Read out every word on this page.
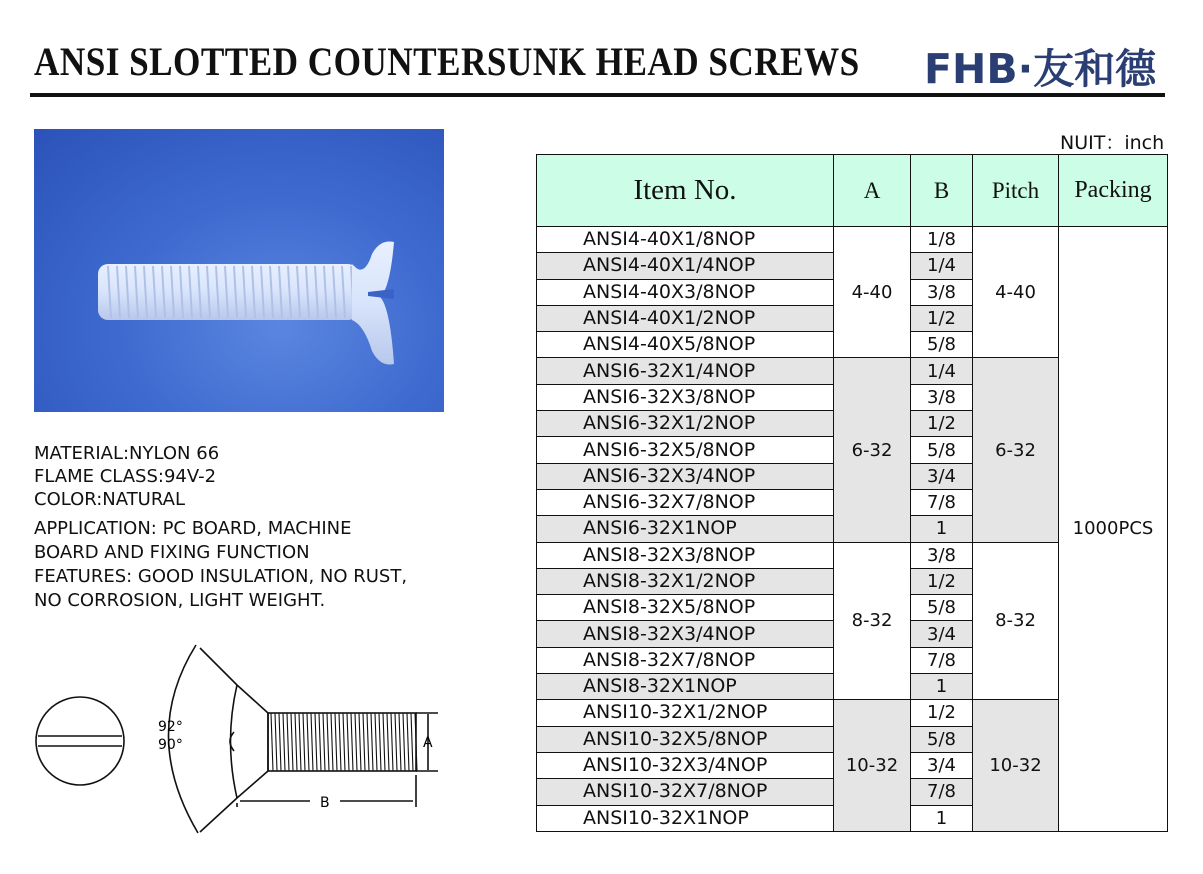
ANSI SLOTTED COUNTERSUNK HEAD SCREWS FHB·友和德
NUIT：inch
MATERIAL:NYLON 66
FLAME CLASS:94V-2
COLOR:NATURAL
APPLICATION: PC BOARD, MACHINE
BOARD AND FIXING FUNCTION
FEATURES: GOOD INSULATION, NO RUST,
NO CORROSION, LIGHT WEIGHT.
92°
90°	A
B
Item No.	A	B	Pitch	Packing
ANSI4-40X1/8NOP	4-40	1/8	4-40	1000PCS
ANSI4-40X1/4NOP		1/4		
ANSI4-40X3/8NOP		3/8		
ANSI4-40X1/2NOP		1/2		
ANSI4-40X5/8NOP		5/8		
ANSI6-32X1/4NOP	6-32	1/4	6-32	
ANSI6-32X3/8NOP		3/8		
ANSI6-32X1/2NOP		1/2		
ANSI6-32X5/8NOP		5/8		
ANSI6-32X3/4NOP		3/4		
ANSI6-32X7/8NOP		7/8		
ANSI6-32X1NOP		1		
ANSI8-32X3/8NOP	8-32	3/8	8-32	
ANSI8-32X1/2NOP		1/2		
ANSI8-32X5/8NOP		5/8		
ANSI8-32X3/4NOP		3/4		
ANSI8-32X7/8NOP		7/8		
ANSI8-32X1NOP		1		
ANSI10-32X1/2NOP	10-32	1/2	10-32	
ANSI10-32X5/8NOP		5/8		
ANSI10-32X3/4NOP		3/4		
ANSI10-32X7/8NOP		7/8		
ANSI10-32X1NOP		1		
